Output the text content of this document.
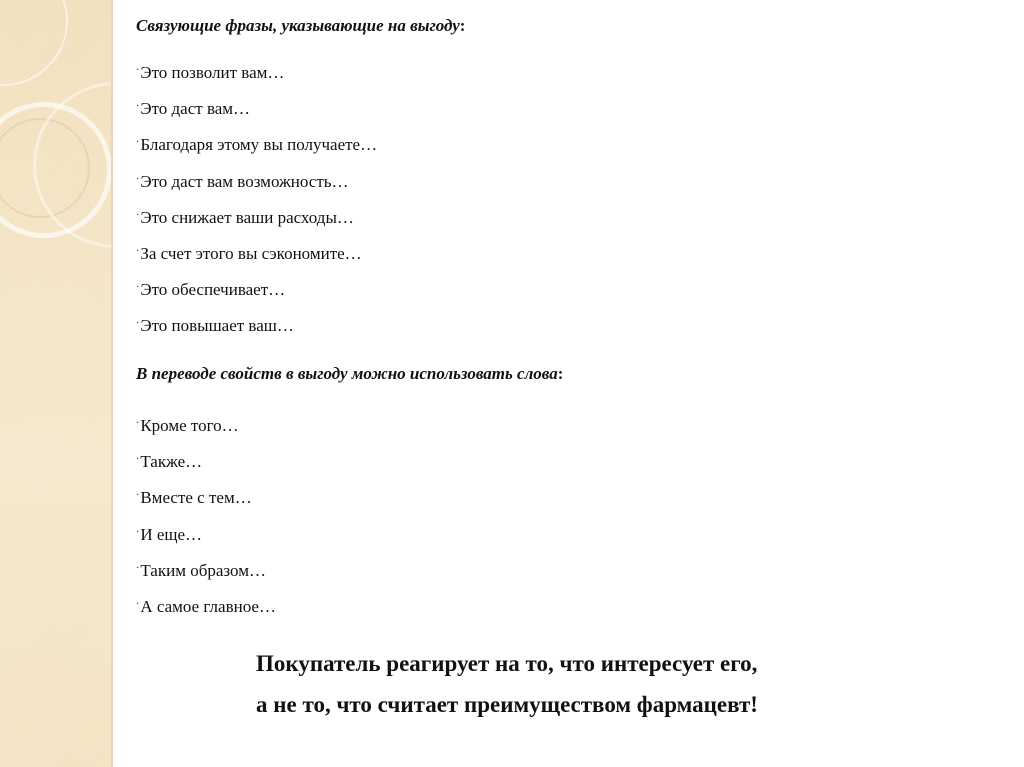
Связующие фразы, указывающие на выгоду:

·Это позволит вам…
·Это даст вам…
·Благодаря этому вы получаете…
·Это даст вам возможность…
·Это снижает ваши расходы…
·За счет этого вы сэкономите…
·Это обеспечивает…
·Это повышает ваш…

В переводе свойств в выгоду можно использовать слова:

·Кроме того…
·Также…
·Вместе с тем…
·И еще…
·Таким образом…
·А самое главное…

Покупатель реагирует на то, что интересует его,
а не то, что считает преимуществом фармацевт!
